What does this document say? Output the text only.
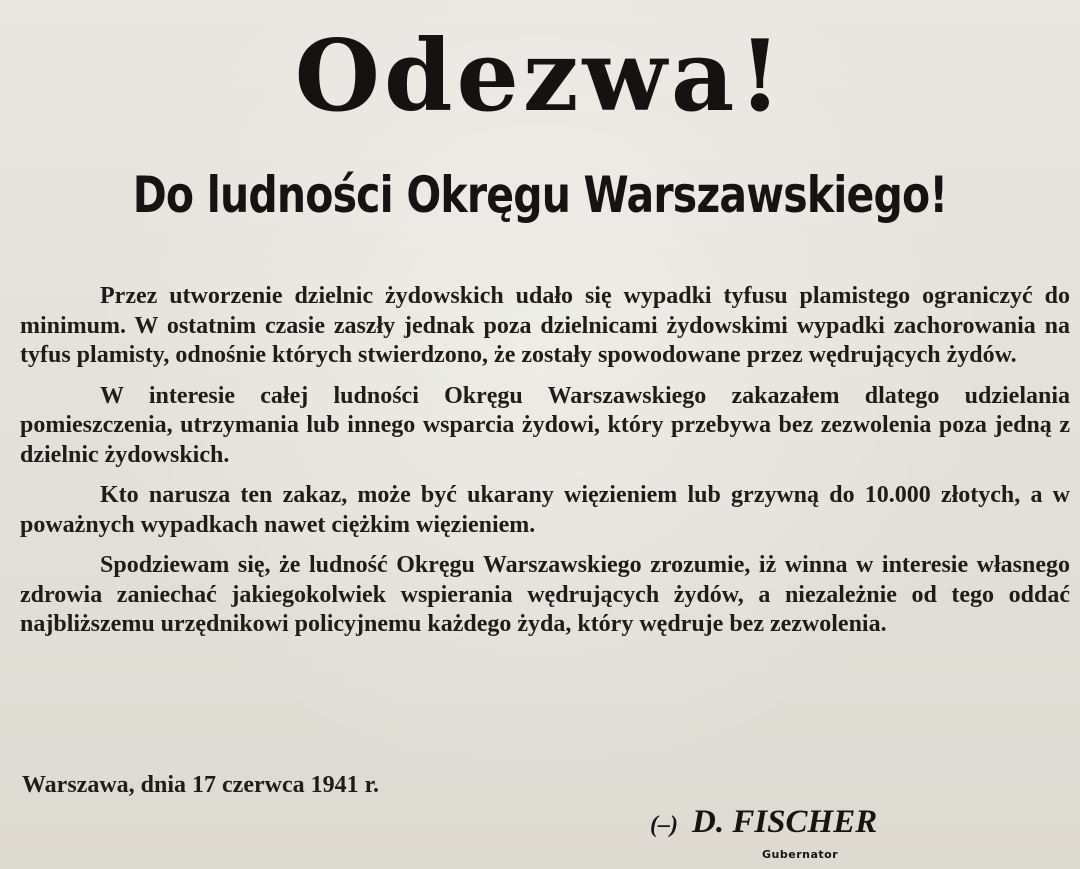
Odezwa!
Do ludności Okręgu Warszawskiego!

Przez utworzenie dzielnic żydowskich udało się wypadki tyfusu plamistego ograniczyć do minimum. W ostatnim czasie zaszły jednak poza dzielnicami żydowskimi wypadki zachorowania na tyfus plamisty, odnośnie których stwierdzono, że zostały spowodowane przez wędrujących żydów.

W interesie całej ludności Okręgu Warszawskiego zakazałem dlatego udzielania pomieszczenia, utrzymania lub innego wsparcia żydowi, który przebywa bez zezwolenia poza jedną z dzielnic żydowskich.

Kto narusza ten zakaz, może być ukarany więzieniem lub grzywną do 10.000 złotych, a w poważnych wypadkach nawet ciężkim więzieniem.

Spodziewam się, że ludność Okręgu Warszawskiego zrozumie, iż winna w interesie własnego zdrowia zaniechać jakiegokolwiek wspierania wędrujących żydów, a niezależnie od tego oddać najbliższemu urzędnikowi policyjnemu każdego żyda, który wędruje bez zezwolenia.

Warszawa, dnia 17 czerwca 1941 r.

(–) D. FISCHER
Gubernator
